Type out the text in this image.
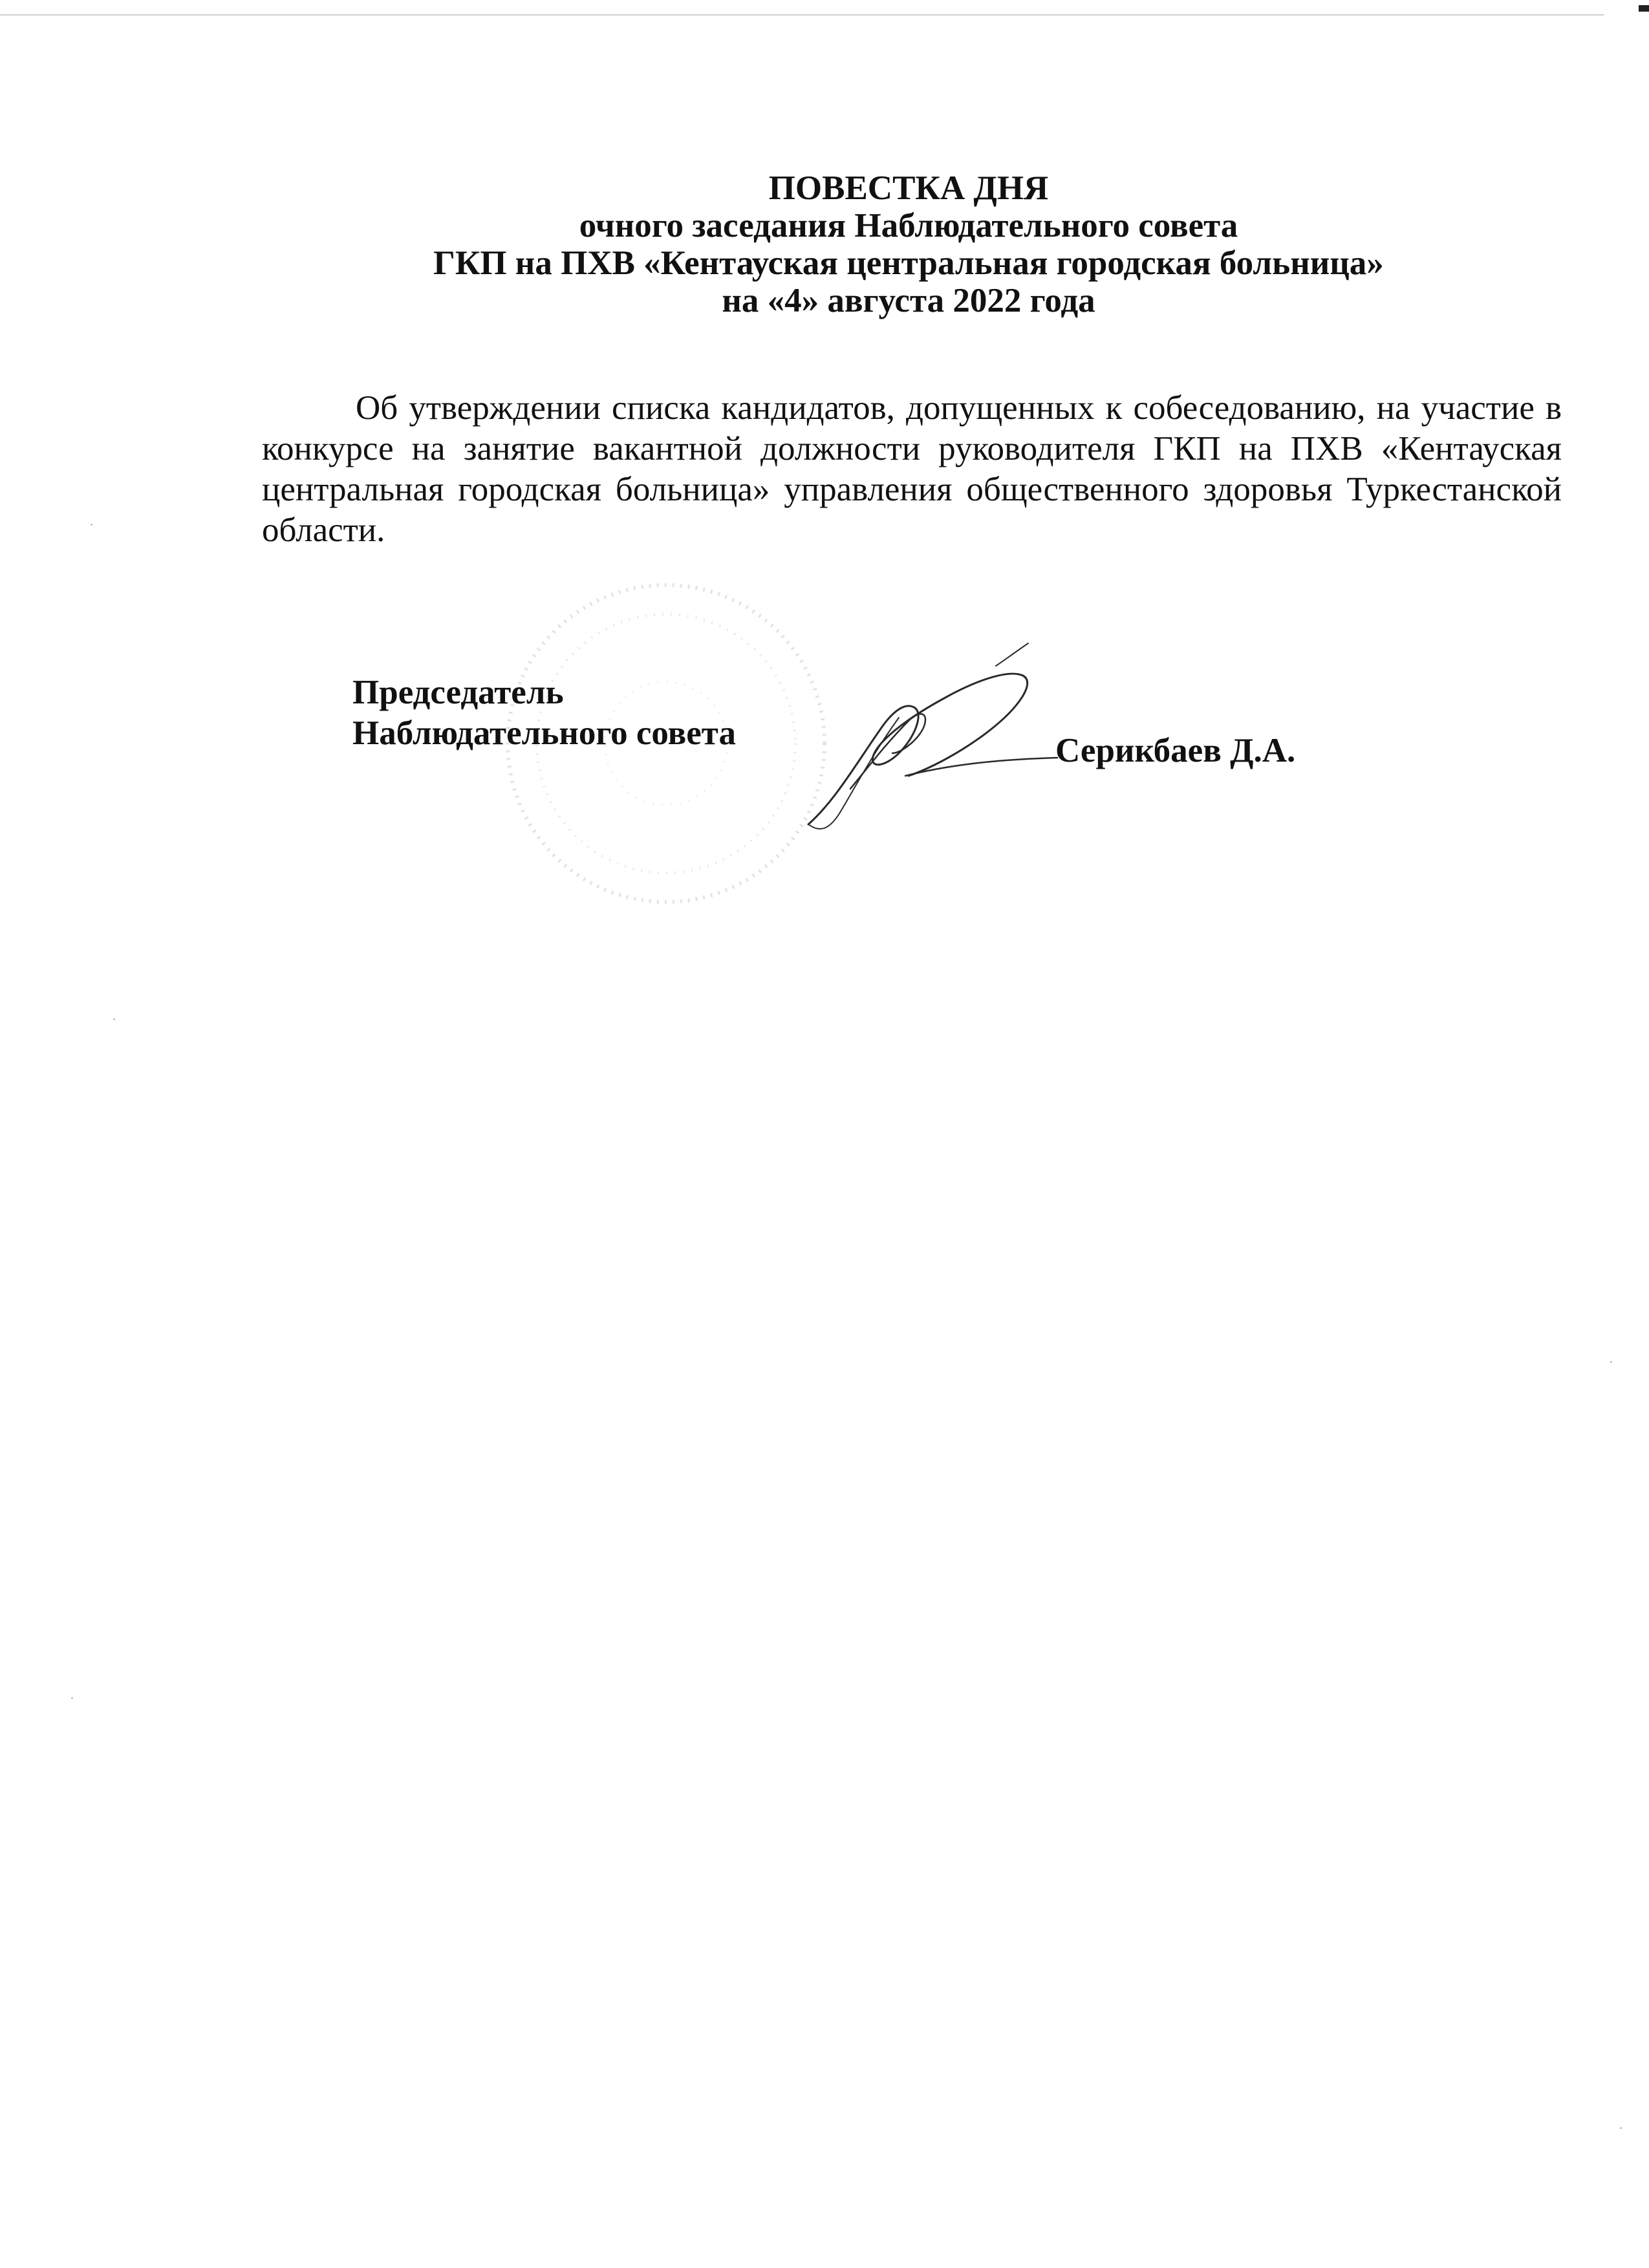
ПОВЕСТКА ДНЯ
очного заседания Наблюдательного совета
ГКП на ПХВ «Кентауская центральная городская больница»
на «4» августа 2022 года

Об утверждении списка кандидатов, допущенных к собеседованию, на участие в конкурсе на занятие вакантной должности руководителя ГКП на ПХВ «Кентауская центральная городская больница» управления общественного здоровья Туркестанской области.

Председатель
Наблюдательного совета	Серикбаев Д.А.
